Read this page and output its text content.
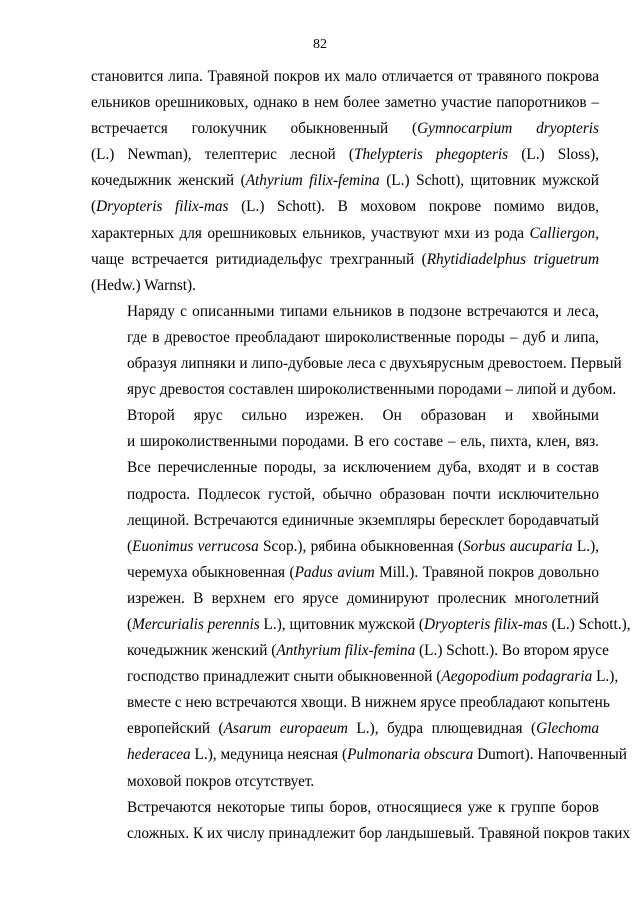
82
становится липа. Травяной покров их мало отличается от травяного покрова
ельников орешниковых, однако в нем более заметно участие папоротников –
встречается голокучник обыкновенный (Gymnocarpium dryopteris
(L.) Newman), телептерис лесной (Thelypteris phegopteris (L.) Sloss),
кочедыжник женский (Athyrium filix-femina (L.) Schott), щитовник мужской
(Dryopteris filix-mas (L.) Schott). В моховом покрове помимо видов,
характерных для орешниковых ельников, участвуют мхи из рода Calliergon,
чаще встречается ритидиадельфус трехгранный (Rhytidiadelphus triguetrum
(Hedw.) Warnst).
Наряду с описанными типами ельников в подзоне встречаются и леса,
где в древостое преобладают широколиственные породы – дуб и липа,
образуя липняки и липо-дубовые леса с двухъярусным древостоем. Первый
ярус древостоя составлен широколиственными породами – липой и дубом.
Второй ярус сильно изрежен. Он образован и хвойными
и широколиственными породами. В его составе – ель, пихта, клен, вяз.
Все перечисленные породы, за исключением дуба, входят и в состав
подроста. Подлесок густой, обычно образован почти исключительно
лещиной. Встречаются единичные экземпляры бересклет бородавчатый
(Euonimus verrucosa Scop.), рябина обыкновенная (Sorbus aucuparia L.),
черемуха обыкновенная (Padus avium Mill.). Травяной покров довольно
изрежен. В верхнем его ярусе доминируют пролесник многолетний
(Mercurialis perennis L.), щитовник мужской (Dryopteris filix-mas (L.) Schott.),
кочедыжник женский (Anthyrium filix-femina (L.) Schott.). Во втором ярусе
господство принадлежит сныти обыкновенной (Aegopodium podagraria L.),
вместе с нею встречаются хвощи. В нижнем ярусе преобладают копытень
европейский (Asarum europaeum L.), будра плющевидная (Glechoma
hederacea L.), медуница неясная (Pulmonaria obscura Dumort). Напочвенный
моховой покров отсутствует.
Встречаются некоторые типы боров, относящиеся уже к группе боров
сложных. К их числу принадлежит бор ландышевый. Травяной покров таких
